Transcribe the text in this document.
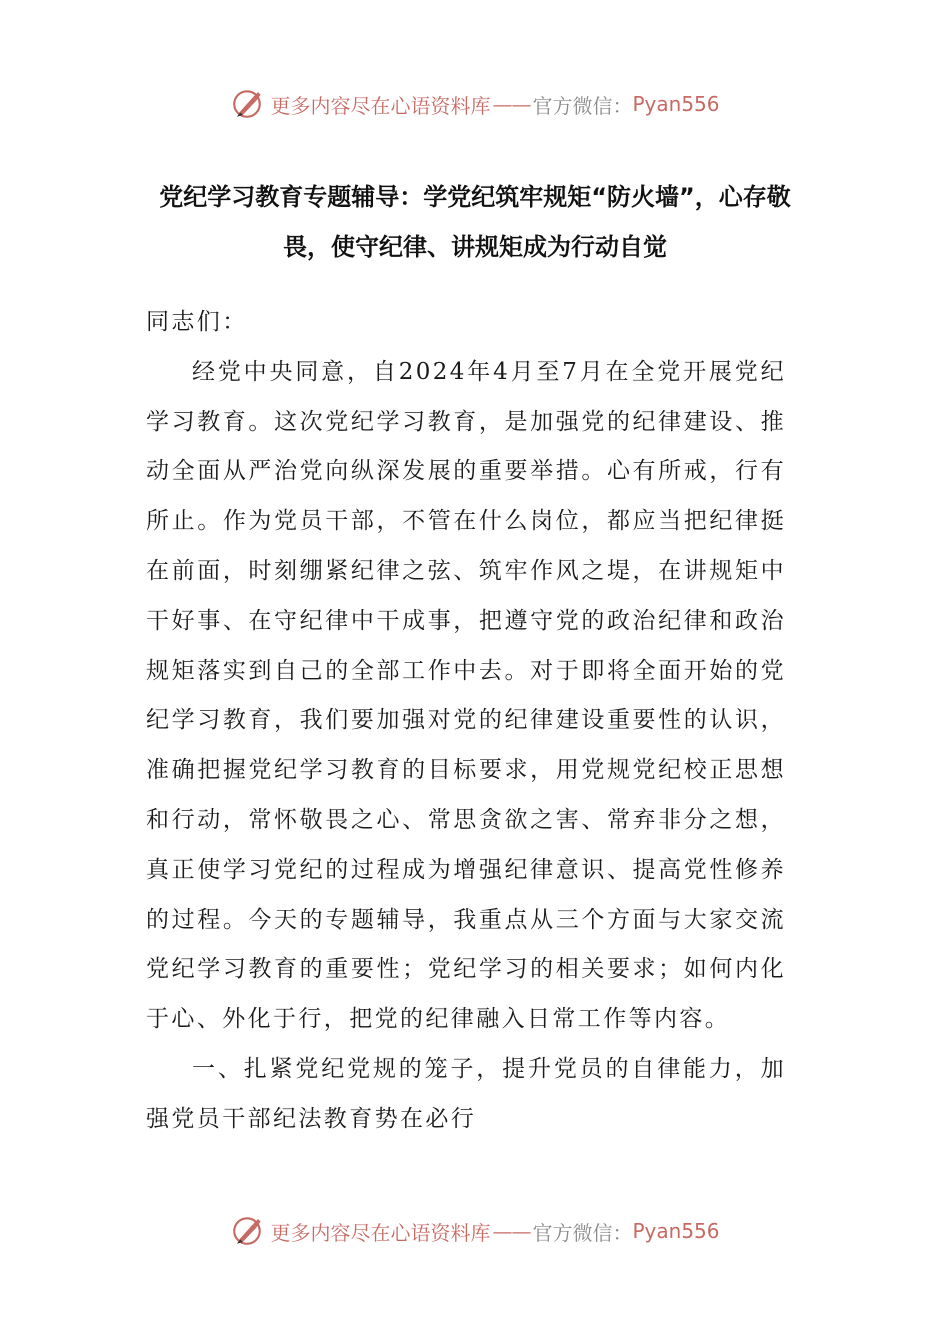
更多内容尽在心语资料库 —— 官方微信： Pyan556
党纪学习教育专题辅导：学党纪筑牢规矩“防火墙”，心存敬畏，使守纪律、讲规矩成为行动自觉

同志们：

经党中央同意，自2024年4月至7月在全党开展党纪学习教育。这次党纪学习教育，是加强党的纪律建设、推动全面从严治党向纵深发展的重要举措。心有所戒，行有所止。作为党员干部，不管在什么岗位，都应当把纪律挺在前面，时刻绷紧纪律之弦、筑牢作风之堤，在讲规矩中干好事、在守纪律中干成事，把遵守党的政治纪律和政治规矩落实到自己的全部工作中去。对于即将全面开始的党纪学习教育，我们要加强对党的纪律建设重要性的认识，准确把握党纪学习教育的目标要求，用党规党纪校正思想和行动，常怀敬畏之心、常思贪欲之害、常弃非分之想，真正使学习党纪的过程成为增强纪律意识、提高党性修养的过程。今天的专题辅导，我重点从三个方面与大家交流党纪学习教育的重要性；党纪学习的相关要求；如何内化于心、外化于行，把党的纪律融入日常工作等内容。

一、扎紧党纪党规的笼子，提升党员的自律能力，加强党员干部纪法教育势在必行

更多内容尽在心语资料库 —— 官方微信： Pyan556
